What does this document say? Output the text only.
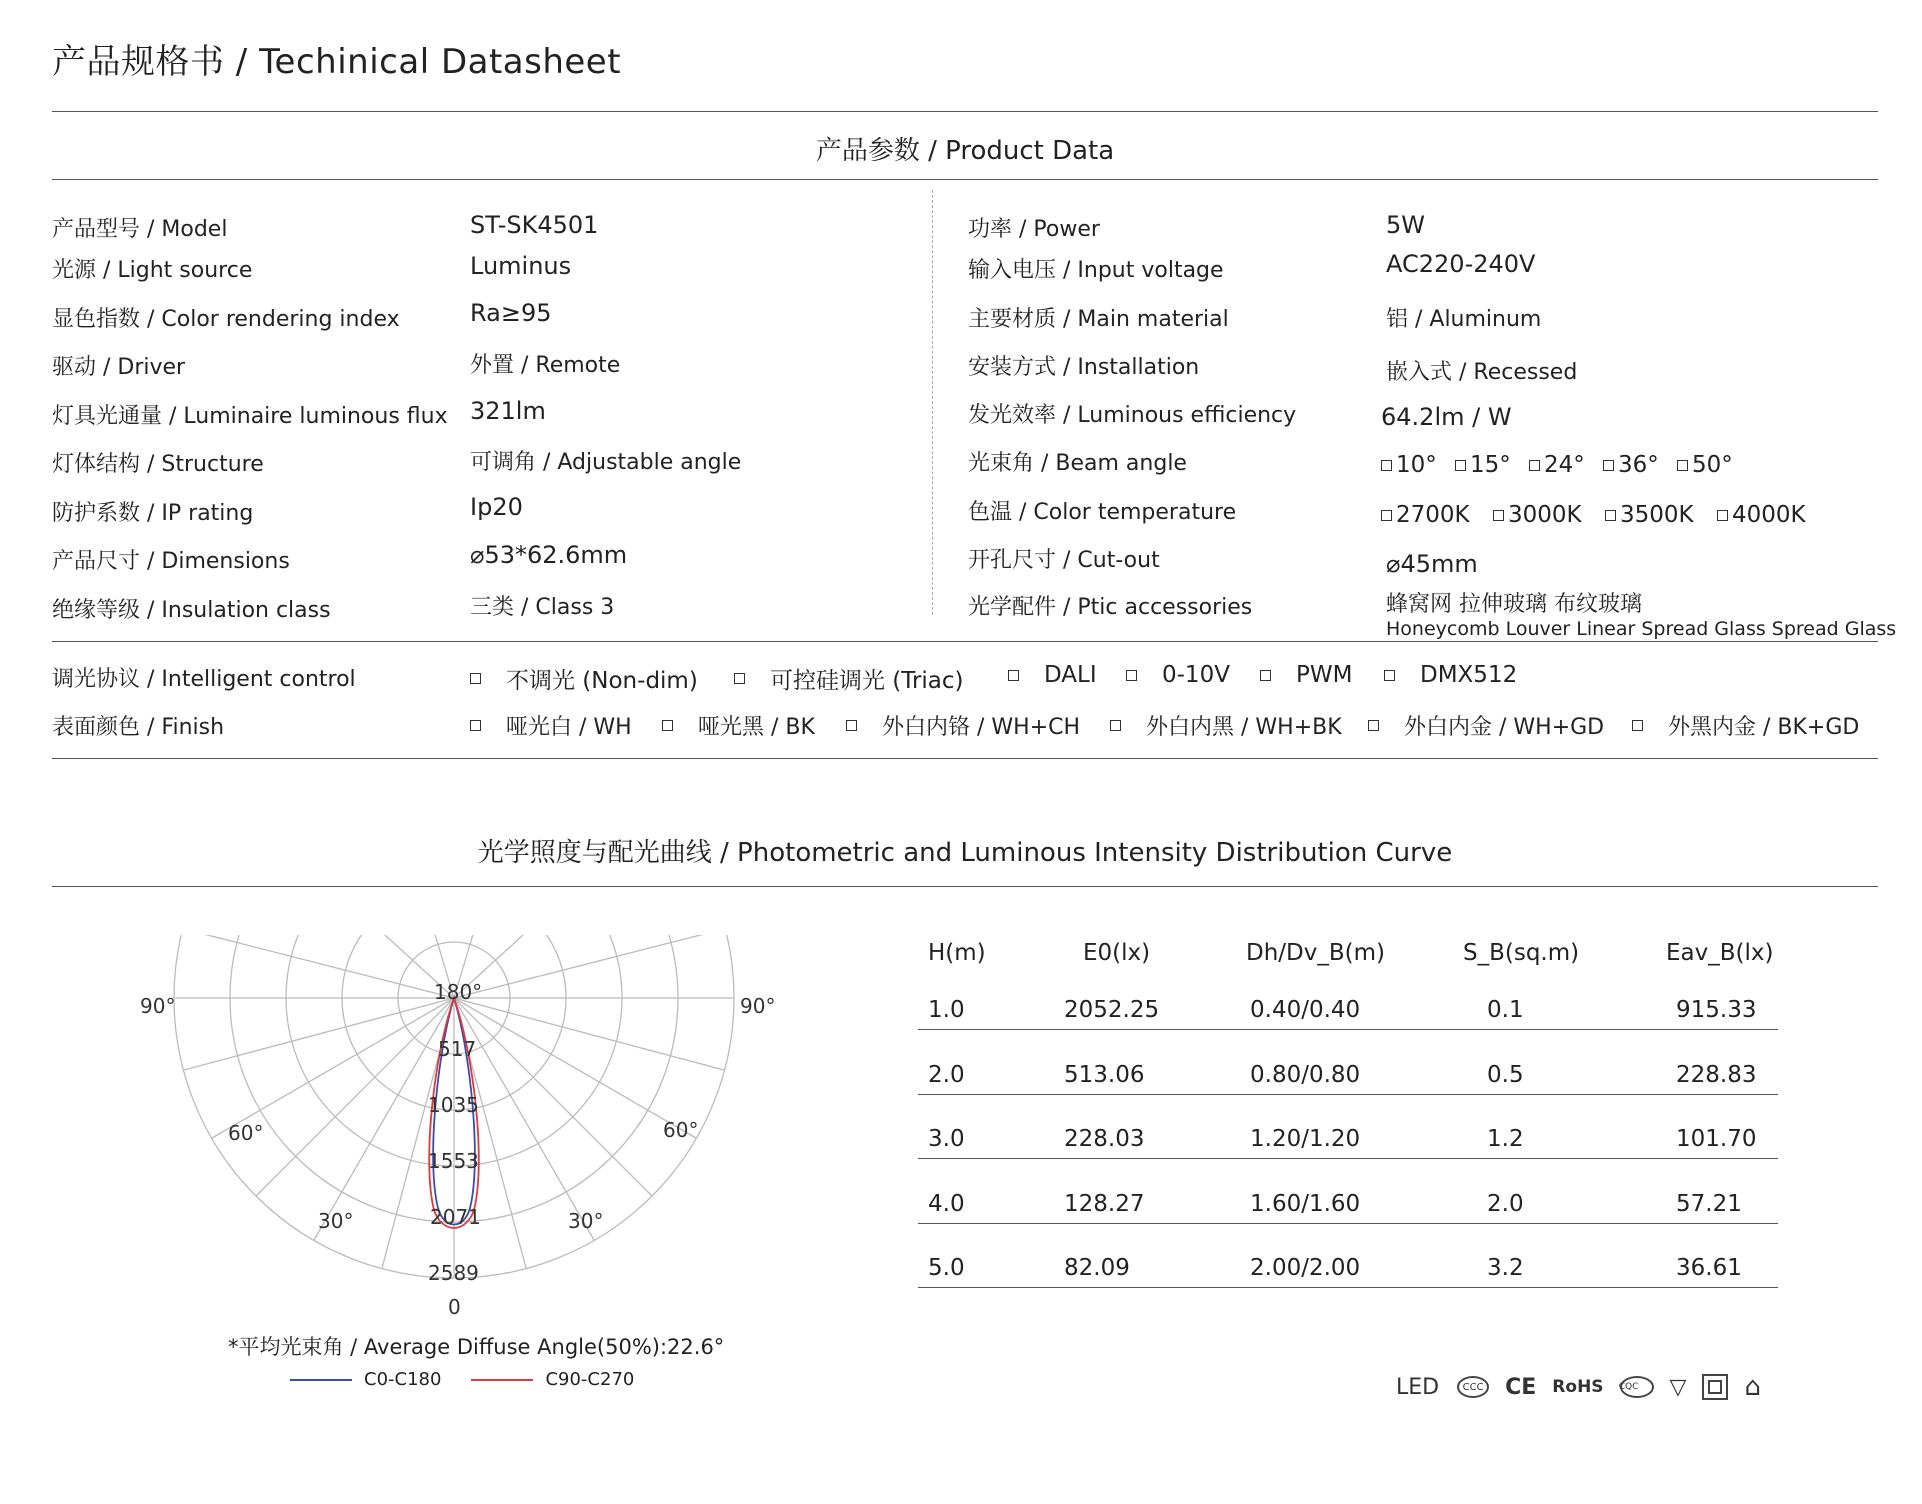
产品规格书 / Techinical Datasheet
产品参数 / Product Data
产品型号 / Model	ST-SK4501
光源 / Light source	Luminus
显色指数 / Color rendering index	Ra≥95
驱动 / Driver	外置 / Remote
灯具光通量 / Luminaire luminous flux 321lm
灯体结构 / Structure	可调角 / Adjustable angle
防护系数 / IP rating	Ip20
产品尺寸 / Dimensions	⌀53*62.6mm
绝缘等级 / Insulation class	三类 / Class 3
功率 / Power	5W
输入电压 / Input voltage	AC220-240V
主要材质 / Main material	铝 / Aluminum
安装方式 / Installation	嵌入式 / Recessed
发光效率 / Luminous efficiency	64.2lm / W
光束角 / Beam angle	10° 15° 24° 36° 50°
色温 / Color temperature	2700K 3000K 3500K 4000K
开孔尺寸 / Cut-out	⌀45mm
光学配件 / Ptic accessories	蜂窝网 拉伸玻璃 布纹玻璃
Honeycomb Louver Linear Spread Glass Spread Glass
调光协议 / Intelligent control	不调光 (Non-dim)	可控硅调光 (Triac)	DALI	0-10V	PWM	DMX512
表面颜色 / Finish	哑光白 / WH	哑光黑 / BK	外白内铬 / WH+CH	外白内黑 / WH+BK	外白内金 / WH+GD	外黑内金 / BK+GD
光学照度与配光曲线 / Photometric and Luminous Intensity Distribution Curve
180°
90°	90°
60°	60°
30°	30°
517
1035
1553
2071
2589
0
*平均光束角 / Average Diffuse Angle(50%):22.6°
C0-C180	C90-C270
H(m)	E0(lx)	Dh/Dv_B(m)	S_B(sq.m)	Eav_B(lx)
1.0	2052.25	0.40/0.40	0.1	915.33
2.0	513.06	0.80/0.80	0.5	228.83
3.0	228.03	1.20/1.20	1.2	101.70
4.0	128.27	1.60/1.60	2.0	57.21
5.0	82.09	2.00/2.00	3.2	36.61
LED	CCC CE RoHS CQC ▽ ⌂
